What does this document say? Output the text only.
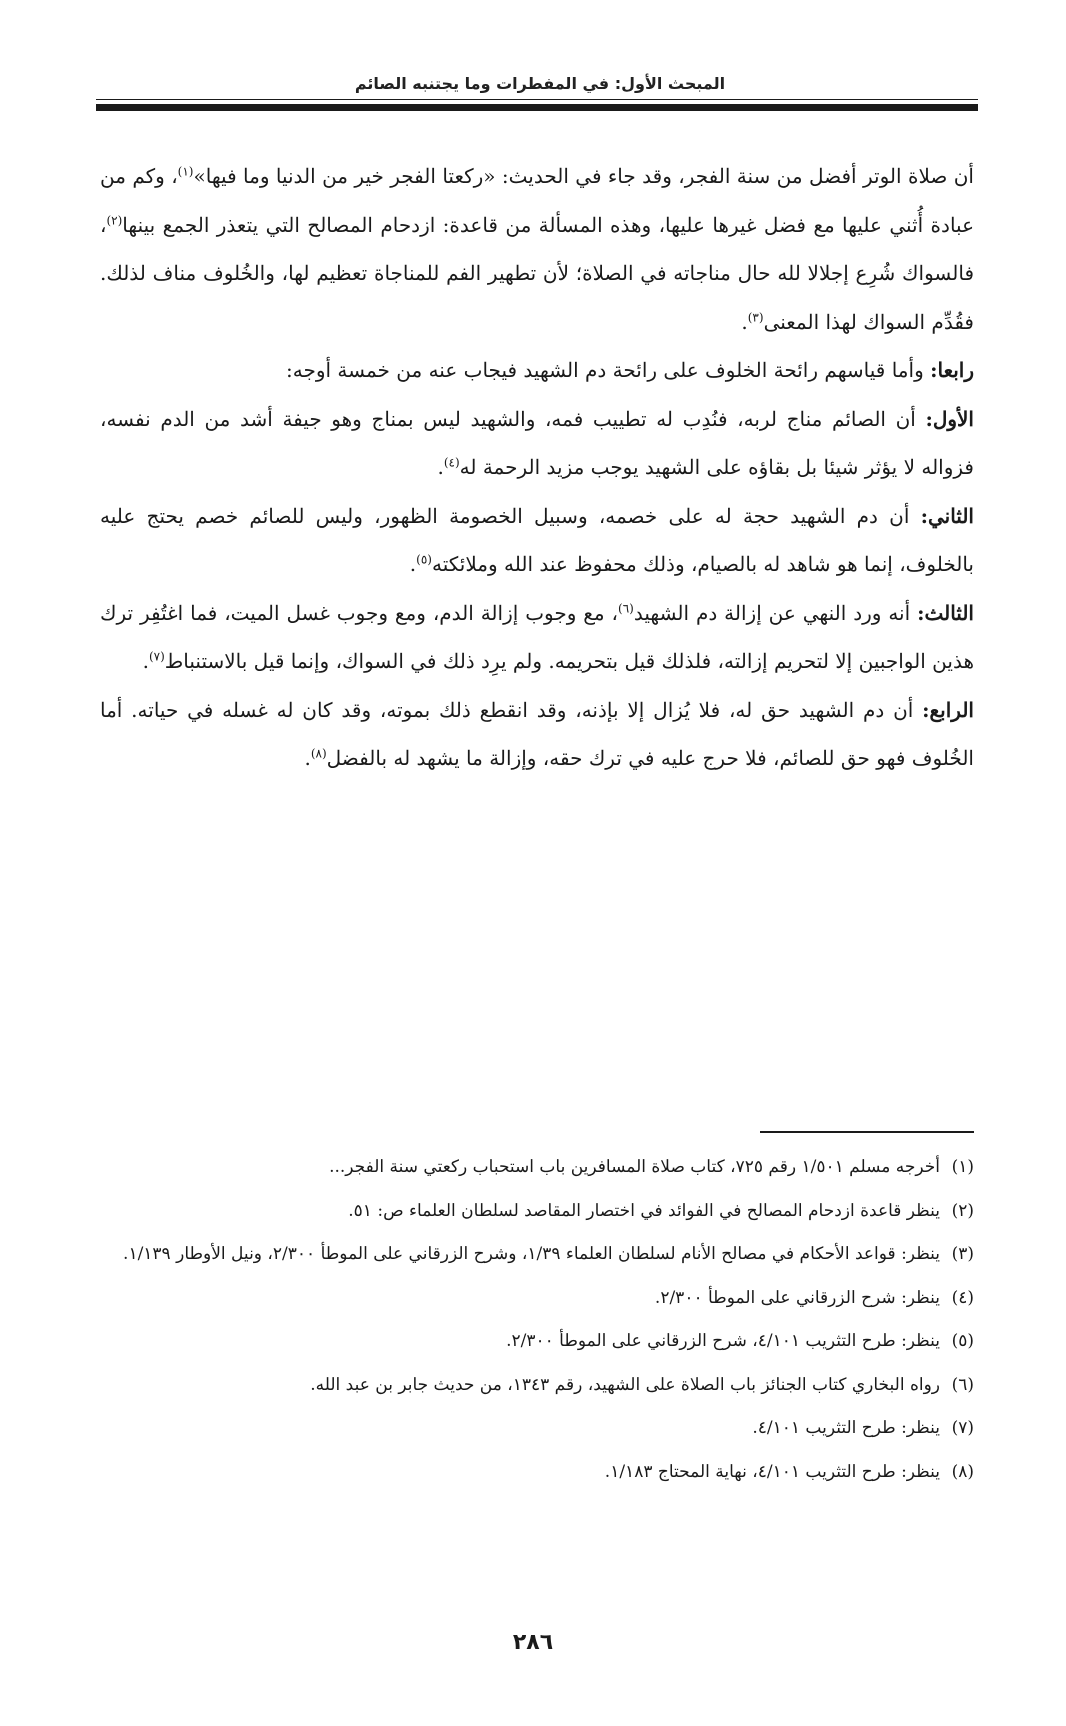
المبحث الأول: في المفطرات وما يجتنبه الصائم

أن صلاة الوتر أفضل من سنة الفجر، وقد جاء في الحديث: «ركعتا الفجر خير من الدنيا وما فيها»$^{(١)}$، وكم من عبادة أُثني عليها مع فضل غيرها عليها، وهذه المسألة من قاعدة: ازدحام المصالح التي يتعذر الجمع بينها$^{(٢)}$، فالسواك شُرِع إجلالا لله حال مناجاته في الصلاة؛ لأن تطهير الفم للمناجاة تعظيم لها، والخُلوف مناف لذلك. فقُدِّم السواك لهذا المعنى$^{(٣)}$.

رابعا: وأما قياسهم رائحة الخلوف على رائحة دم الشهيد فيجاب عنه من خمسة أوجه:

الأول: أن الصائم مناج لربه، فنُدِب له تطييب فمه، والشهيد ليس بمناج وهو جيفة أشد من الدم نفسه، فزواله لا يؤثر شيئا بل بقاؤه على الشهيد يوجب مزيد الرحمة له$^{(٤)}$.

الثاني: أن دم الشهيد حجة له على خصمه، وسبيل الخصومة الظهور، وليس للصائم خصم يحتج عليه بالخلوف، إنما هو شاهد له بالصيام، وذلك محفوظ عند الله وملائكته$^{(٥)}$.

الثالث: أنه ورد النهي عن إزالة دم الشهيد$^{(٦)}$، مع وجوب إزالة الدم، ومع وجوب غسل الميت، فما اغتُفِر ترك هذين الواجبين إلا لتحريم إزالته، فلذلك قيل بتحريمه. ولم يرِد ذلك في السواك، وإنما قيل بالاستنباط$^{(٧)}$.

الرابع: أن دم الشهيد حق له، فلا يُزال إلا بإذنه، وقد انقطع ذلك بموته، وقد كان له غسله في حياته. أما الخُلوف فهو حق للصائم، فلا حرج عليه في ترك حقه، وإزالة ما يشهد له بالفضل$^{(٨)}$.

(١)
أخرجه مسلم ١/٥٠١ رقم ٧٢٥، كتاب صلاة المسافرين باب استحباب ركعتي سنة الفجر...
(٢)
ينظر قاعدة ازدحام المصالح في الفوائد في اختصار المقاصد لسلطان العلماء ص: ٥١.
(٣)
ينظر: قواعد الأحكام في مصالح الأنام لسلطان العلماء ١/٣٩، وشرح الزرقاني على الموطأ ٢/٣٠٠، ونيل الأوطار ١/١٣٩.
(٤)
ينظر: شرح الزرقاني على الموطأ ٢/٣٠٠.
(٥)
ينظر: طرح التثريب ٤/١٠١، شرح الزرقاني على الموطأ ٢/٣٠٠.
(٦)
رواه البخاري كتاب الجنائز باب الصلاة على الشهيد، رقم ١٣٤٣، من حديث جابر بن عبد الله.
(٧)
ينظر: طرح التثريب ٤/١٠١.
(٨)
ينظر: طرح التثريب ٤/١٠١، نهاية المحتاج ١/١٨٣.
٢٨٦
